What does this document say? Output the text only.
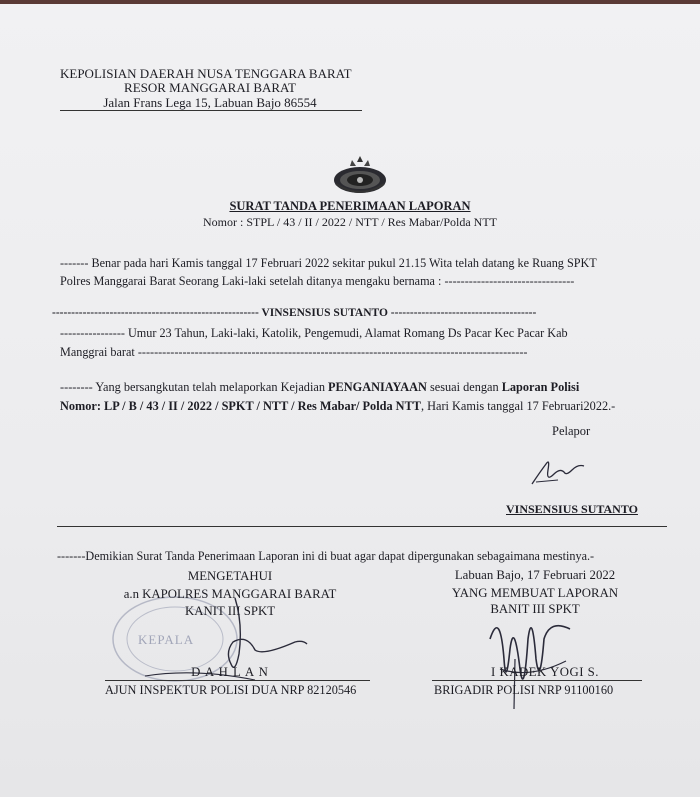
KEPOLISIAN DAERAH NUSA TENGGARA BARAT
RESOR MANGGARAI BARAT
Jalan Frans Lega 15, Labuan Bajo 86554
SURAT TANDA PENERIMAAN LAPORAN
Nomor : STPL / 43 / II / 2022 / NTT / Res Mabar/Polda NTT
------- Benar pada hari Kamis tanggal 17 Februari 2022 sekitar pukul 21.15 Wita telah datang ke Ruang SPKT
Polres Manggarai Barat Seorang Laki-laki setelah ditanya mengaku bernama : --------------------------------
------------------------------------------------------ VINSENSIUS SUTANTO --------------------------------------
---------------- Umur 23 Tahun, Laki-laki, Katolik, Pengemudi, Alamat Romang Ds Pacar Kec Pacar Kab
Manggrai barat ------------------------------------------------------------------------------------------------
-------- Yang bersangkutan telah melaporkan Kejadian PENGANIAYAAN sesuai dengan Laporan Polisi
Nomor: LP / B / 43 / II / 2022 / SPKT / NTT / Res Mabar/ Polda NTT, Hari Kamis tanggal 17 Februari2022.-
Pelapor
VINSENSIUS SUTANTO
-------Demikian Surat Tanda Penerimaan Laporan ini di buat agar dapat dipergunakan sebagaimana mestinya.-
KEPALA
MENGETAHUI
a.n KAPOLRES MANGGARAI BARAT
KANIT III SPKT
D A H L A N
AJUN INSPEKTUR POLISI DUA NRP 82120546
Labuan Bajo, 17 Februari 2022
YANG MEMBUAT LAPORAN
BANIT III SPKT
I KADEK YOGI S.
BRIGADIR POLISI NRP 91100160
